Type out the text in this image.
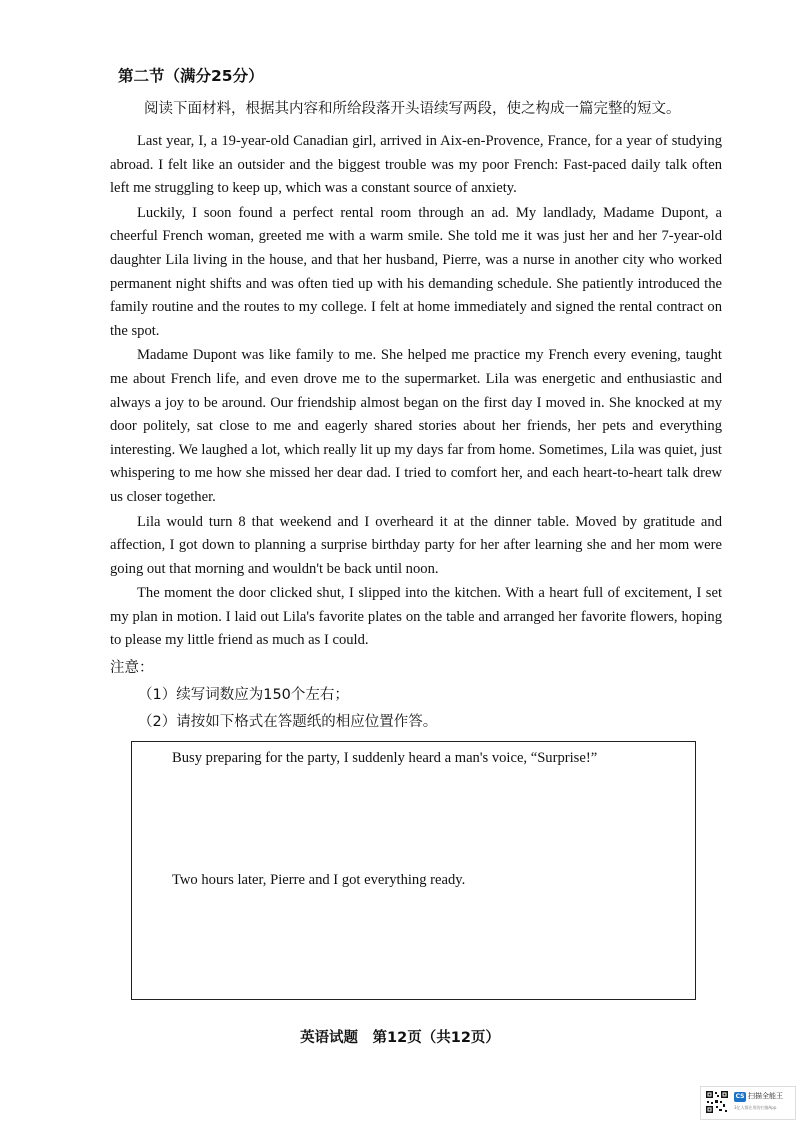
第二节（满分25分）
阅读下面材料，根据其内容和所给段落开头语续写两段，使之构成一篇完整的短文。

Last year, I, a 19-year-old Canadian girl, arrived in Aix-en-Provence, France, for a year of studying abroad. I felt like an outsider and the biggest trouble was my poor French: Fast-paced daily talk often left me struggling to keep up, which was a constant source of anxiety.

Luckily, I soon found a perfect rental room through an ad. My landlady, Madame Dupont, a cheerful French woman, greeted me with a warm smile. She told me it was just her and her 7-year-old daughter Lila living in the house, and that her husband, Pierre, was a nurse in another city who worked permanent night shifts and was often tied up with his demanding schedule. She patiently introduced the family routine and the routes to my college. I felt at home immediately and signed the rental contract on the spot.

Madame Dupont was like family to me. She helped me practice my French every evening, taught me about French life, and even drove me to the supermarket. Lila was energetic and enthusiastic and always a joy to be around. Our friendship almost began on the first day I moved in. She knocked at my door politely, sat close to me and eagerly shared stories about her friends, her pets and everything interesting. We laughed a lot, which really lit up my days far from home. Sometimes, Lila was quiet, just whispering to me how she missed her dear dad. I tried to comfort her, and each heart-to-heart talk drew us closer together.

Lila would turn 8 that weekend and I overheard it at the dinner table. Moved by gratitude and affection, I got down to planning a surprise birthday party for her after learning she and her mom were going out that morning and wouldn't be back until noon.

The moment the door clicked shut, I slipped into the kitchen. With a heart full of excitement, I set my plan in motion. I laid out Lila's favorite plates on the table and arranged her favorite flowers, hoping to please my little friend as much as I could.

注意：
（1）续写词数应为150个左右；
（2）请按如下格式在答题纸的相应位置作答。
Busy preparing for the party, I suddenly heard a man's voice, “Surprise!”
Two hours later, Pierre and I got everything ready.
英语试题　第12页（共12页）
CS 扫描全能王
3亿人都在用的扫描App
